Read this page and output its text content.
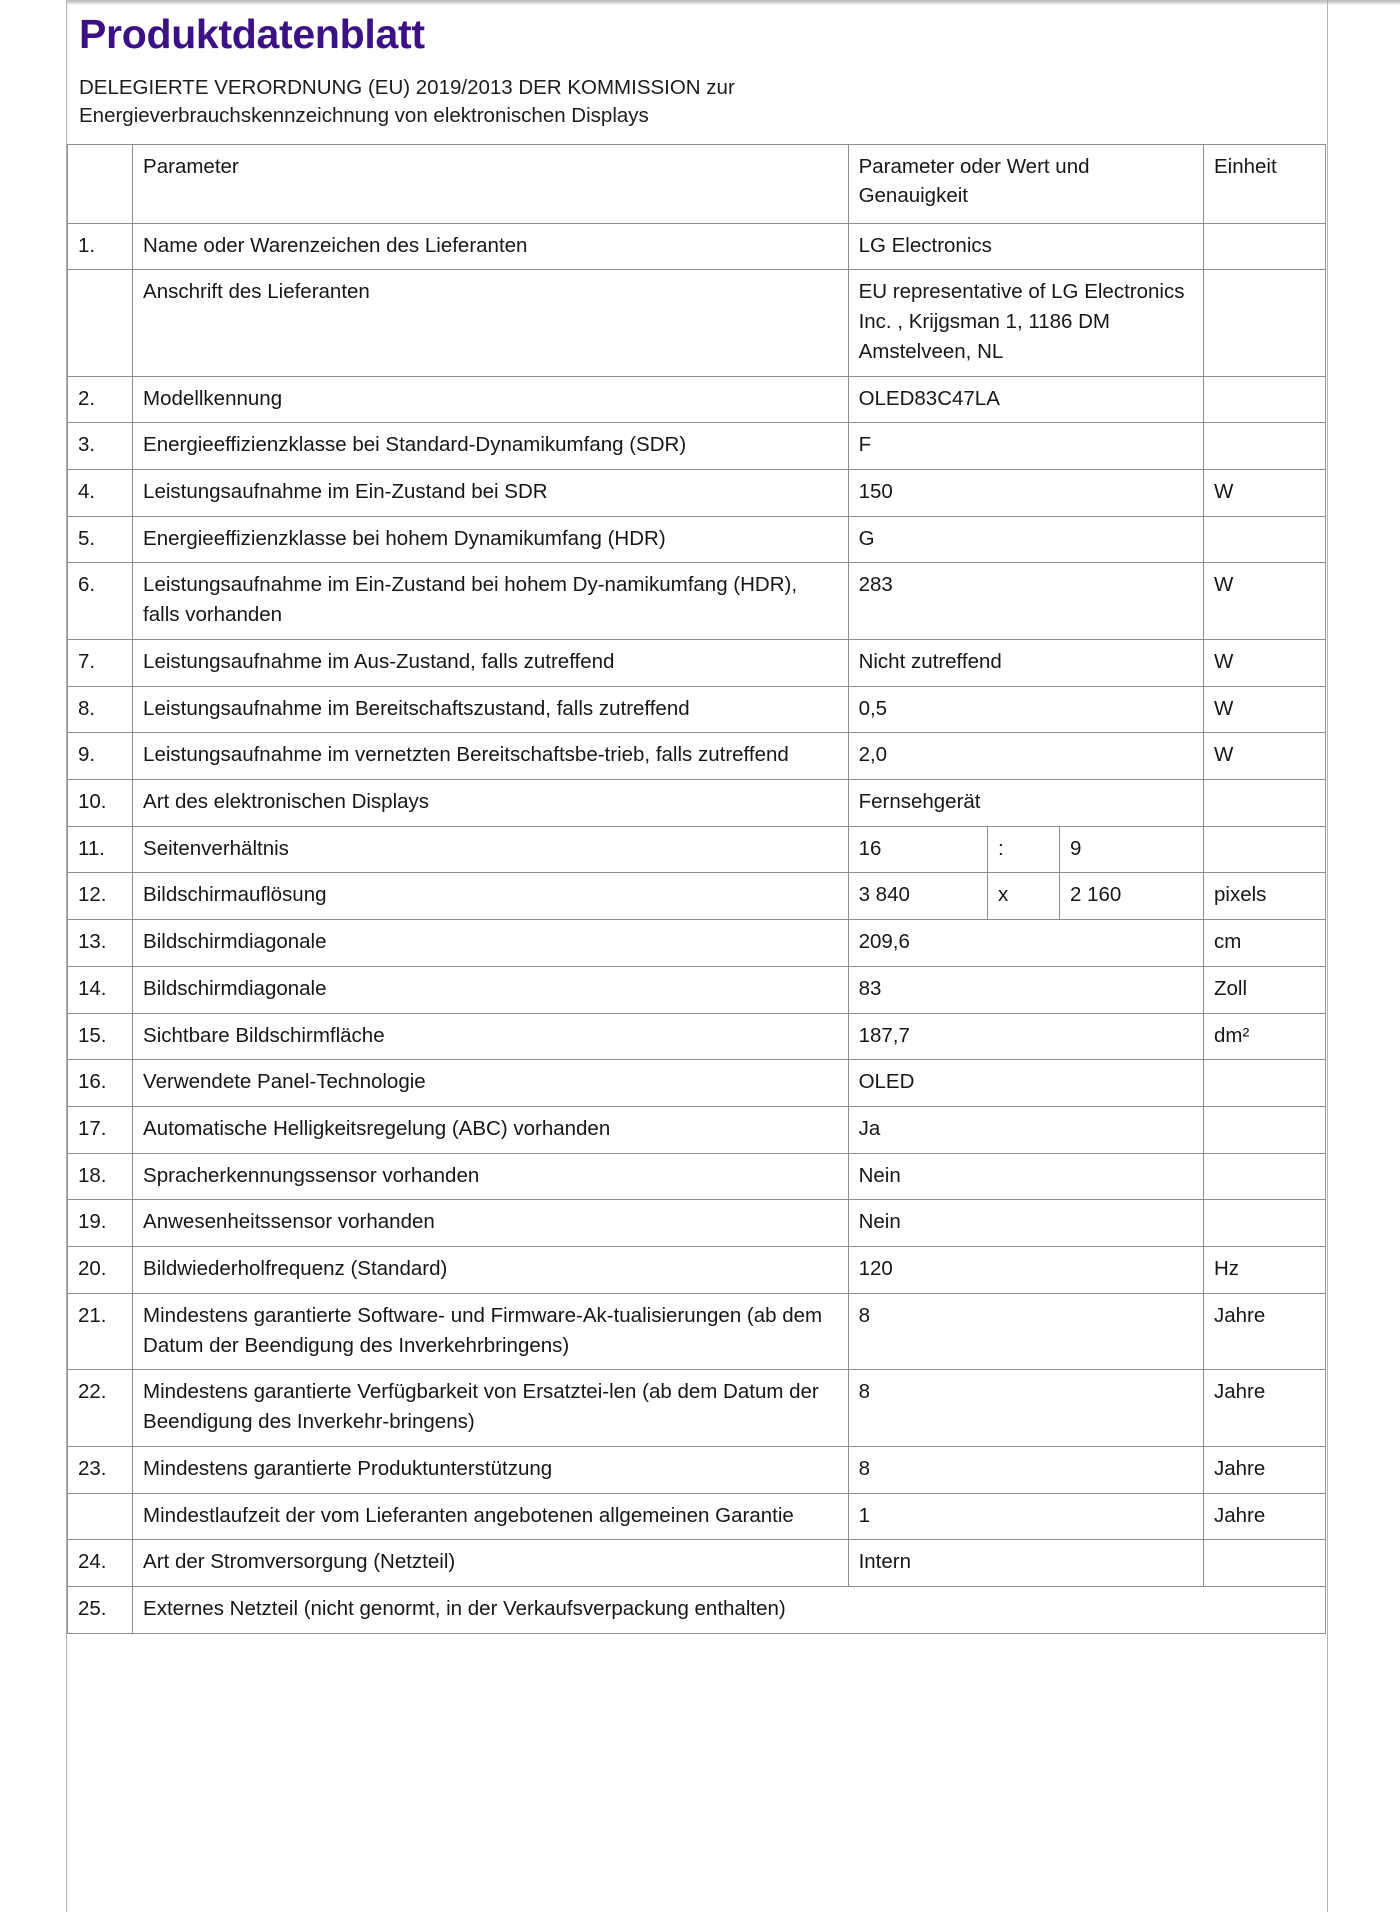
Produktdatenblatt
DELEGIERTE VERORDNUNG (EU) 2019/2013 DER KOMMISSION zur Energieverbrauchskennzeichnung von elektronischen Displays
	Parameter	Parameter oder Wert und Genauigkeit			Einheit
1.	Name oder Warenzeichen des Lieferanten	LG Electronics			
	Anschrift des Lieferanten	EU representative of LG Electronics Inc. , Krijgsman 1, 1186 DM Amstelveen, NL			
2.	Modellkennung	OLED83C47LA			
3.	Energieeffizienzklasse bei Standard-Dynamikumfang (SDR)	F			
4.	Leistungsaufnahme im Ein-Zustand bei SDR	150			W
5.	Energieeffizienzklasse bei hohem Dynamikumfang (HDR)	G			
6.	Leistungsaufnahme im Ein-Zustand bei hohem Dy-namikumfang (HDR), falls vorhanden	283			W
7.	Leistungsaufnahme im Aus-Zustand, falls zutreffend	Nicht zutreffend			W
8.	Leistungsaufnahme im Bereitschaftszustand, falls zutreffend	0,5			W
9.	Leistungsaufnahme im vernetzten Bereitschaftsbe-trieb, falls zutreffend	2,0			W
10.	Art des elektronischen Displays	Fernsehgerät			
11.	Seitenverhältnis	16	:	9	
12.	Bildschirmauflösung	3 840	x	2 160	pixels
13.	Bildschirmdiagonale	209,6			cm
14.	Bildschirmdiagonale	83			Zoll
15.	Sichtbare Bildschirmfläche	187,7			dm²
16.	Verwendete Panel-Technologie	OLED			
17.	Automatische Helligkeitsregelung (ABC) vorhanden	Ja			
18.	Spracherkennungssensor vorhanden	Nein			
19.	Anwesenheitssensor vorhanden	Nein			
20.	Bildwiederholfrequenz (Standard)	120			Hz
21.	Mindestens garantierte Software- und Firmware-Ak-tualisierungen (ab dem Datum der Beendigung des Inverkehrbringens)	8			Jahre
22.	Mindestens garantierte Verfügbarkeit von Ersatztei-len (ab dem Datum der Beendigung des Inverkehr-bringens)	8			Jahre
23.	Mindestens garantierte Produktunterstützung	8			Jahre
	Mindestlaufzeit der vom Lieferanten angebotenen allgemeinen Garantie	1			Jahre
24.	Art der Stromversorgung (Netzteil)	Intern			
25.	Externes Netzteil (nicht genormt, in der Verkaufsverpackung enthalten)				
